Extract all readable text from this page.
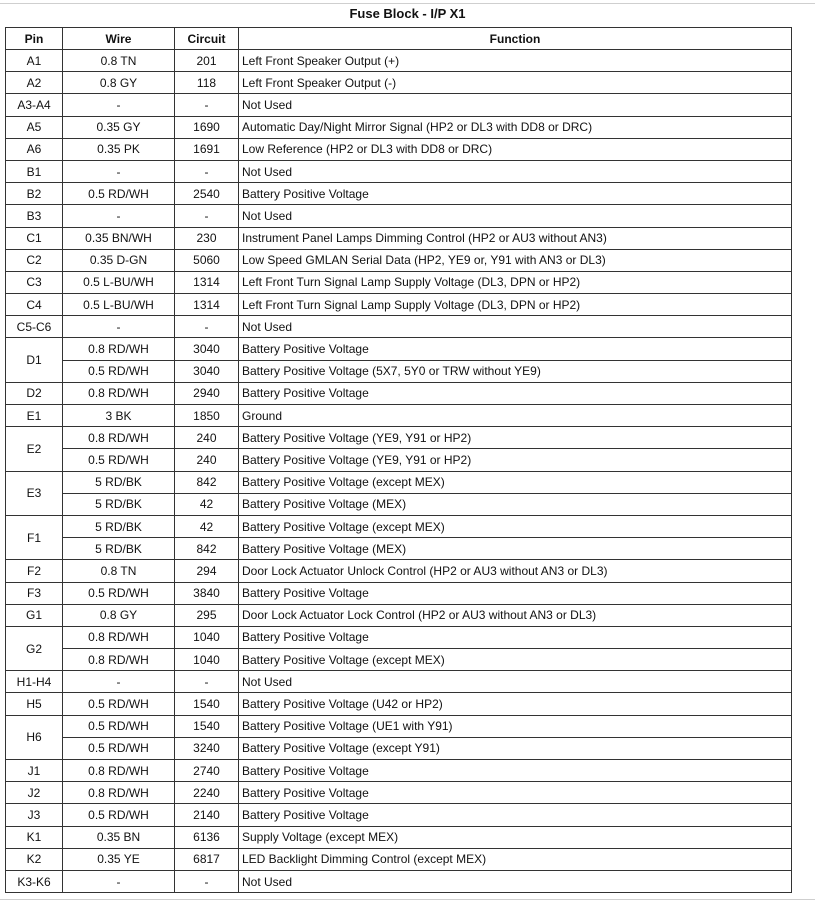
Fuse Block - I/P X1
Pin	Wire	Circuit	Function
A1	0.8 TN	201	Left Front Speaker Output (+)
A2	0.8 GY	118	Left Front Speaker Output (-)
A3-A4	-	-	Not Used
A5	0.35 GY	1690	Automatic Day/Night Mirror Signal (HP2 or DL3 with DD8 or DRC)
A6	0.35 PK	1691	Low Reference (HP2 or DL3 with DD8 or DRC)
B1	-	-	Not Used
B2	0.5 RD/WH	2540	Battery Positive Voltage
B3	-	-	Not Used
C1	0.35 BN/WH	230	Instrument Panel Lamps Dimming Control (HP2 or AU3 without AN3)
C2	0.35 D-GN	5060	Low Speed GMLAN Serial Data (HP2, YE9 or, Y91 with AN3 or DL3)
C3	0.5 L-BU/WH	1314	Left Front Turn Signal Lamp Supply Voltage (DL3, DPN or HP2)
C4	0.5 L-BU/WH	1314	Left Front Turn Signal Lamp Supply Voltage (DL3, DPN or HP2)
C5-C6	-	-	Not Used
D1	0.8 RD/WH	3040	Battery Positive Voltage
	0.5 RD/WH	3040	Battery Positive Voltage (5X7, 5Y0 or TRW without YE9)
D2	0.8 RD/WH	2940	Battery Positive Voltage
E1	3 BK	1850	Ground
E2	0.8 RD/WH	240	Battery Positive Voltage (YE9, Y91 or HP2)
	0.5 RD/WH	240	Battery Positive Voltage (YE9, Y91 or HP2)
E3	5 RD/BK	842	Battery Positive Voltage (except MEX)
	5 RD/BK	42	Battery Positive Voltage (MEX)
F1	5 RD/BK	42	Battery Positive Voltage (except MEX)
	5 RD/BK	842	Battery Positive Voltage (MEX)
F2	0.8 TN	294	Door Lock Actuator Unlock Control (HP2 or AU3 without AN3 or DL3)
F3	0.5 RD/WH	3840	Battery Positive Voltage
G1	0.8 GY	295	Door Lock Actuator Lock Control (HP2 or AU3 without AN3 or DL3)
G2	0.8 RD/WH	1040	Battery Positive Voltage
	0.8 RD/WH	1040	Battery Positive Voltage (except MEX)
H1-H4	-	-	Not Used
H5	0.5 RD/WH	1540	Battery Positive Voltage (U42 or HP2)
H6	0.5 RD/WH	1540	Battery Positive Voltage (UE1 with Y91)
	0.5 RD/WH	3240	Battery Positive Voltage (except Y91)
J1	0.8 RD/WH	2740	Battery Positive Voltage
J2	0.8 RD/WH	2240	Battery Positive Voltage
J3	0.5 RD/WH	2140	Battery Positive Voltage
K1	0.35 BN	6136	Supply Voltage (except MEX)
K2	0.35 YE	6817	LED Backlight Dimming Control (except MEX)
K3-K6	-	-	Not Used
